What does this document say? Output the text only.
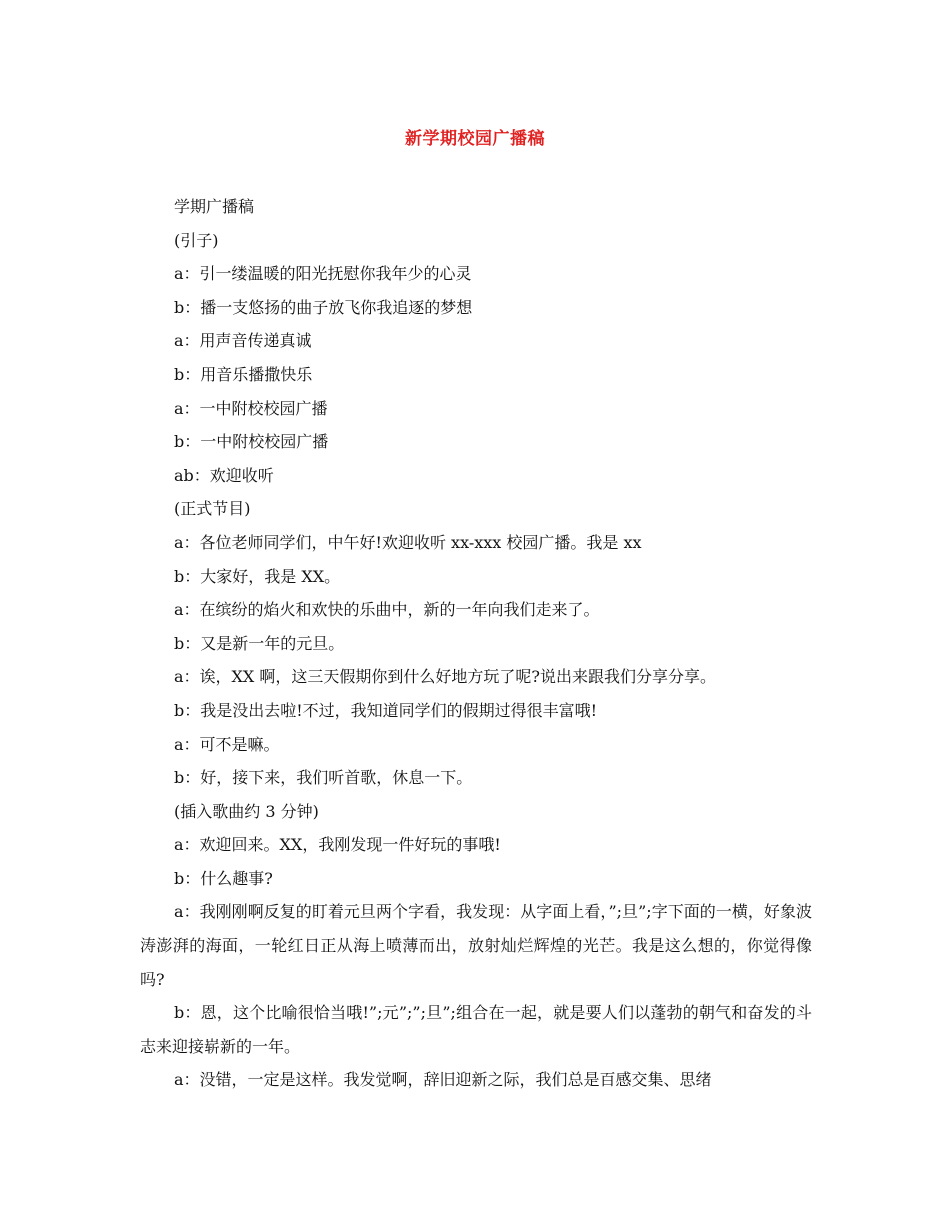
新学期校园广播稿

学期广播稿

(引子)

a：引一缕温暖的阳光抚慰你我年少的心灵

b：播一支悠扬的曲子放飞你我追逐的梦想

a：用声音传递真诚

b：用音乐播撒快乐

a：一中附校校园广播

b：一中附校校园广播

ab：欢迎收听

(正式节目)

a：各位老师同学们，中午好!欢迎收听 xx-xxx 校园广播。我是 xx

b：大家好，我是 XX。

a：在缤纷的焰火和欢快的乐曲中，新的一年向我们走来了。

b：又是新一年的元旦。

a：诶，XX 啊，这三天假期你到什么好地方玩了呢?说出来跟我们分享分享。

b：我是没出去啦!不过，我知道同学们的假期过得很丰富哦!

a：可不是嘛。

b：好，接下来，我们听首歌，休息一下。

(插入歌曲约 3 分钟)

a：欢迎回来。XX，我刚发现一件好玩的事哦!

b：什么趣事?

a：我刚刚啊反复的盯着元旦两个字看，我发现：从字面上看，”;旦”;字下面的一横，好象波涛澎湃的海面，一轮红日正从海上喷薄而出，放射灿烂辉煌的光芒。我是这么想的，你觉得像吗?

b：恩，这个比喻很恰当哦!”;元”;”;旦”;组合在一起，就是要人们以蓬勃的朝气和奋发的斗志来迎接崭新的一年。

a：没错，一定是这样。我发觉啊，辞旧迎新之际，我们总是百感交集、思绪
